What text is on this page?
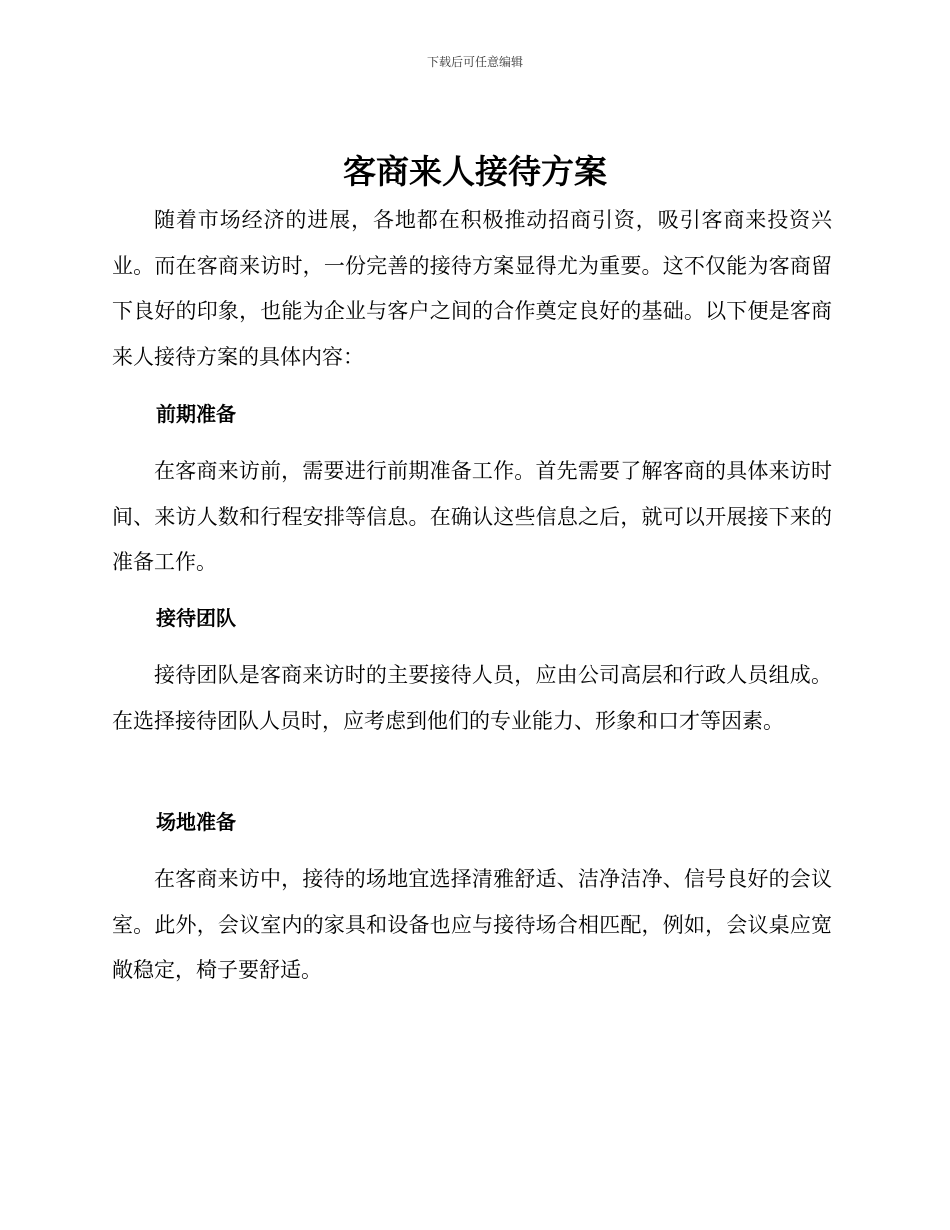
下载后可任意编辑
客商来人接待方案

随着市场经济的进展，各地都在积极推动招商引资，吸引客商来投资兴业。而在客商来访时，一份完善的接待方案显得尤为重要。这不仅能为客商留下良好的印象，也能为企业与客户之间的合作奠定良好的基础。以下便是客商来人接待方案的具体内容：

前期准备

在客商来访前，需要进行前期准备工作。首先需要了解客商的具体来访时间、来访人数和行程安排等信息。在确认这些信息之后，就可以开展接下来的准备工作。

接待团队

接待团队是客商来访时的主要接待人员，应由公司高层和行政人员组成。在选择接待团队人员时，应考虑到他们的专业能力、形象和口才等因素。

场地准备

在客商来访中，接待的场地宜选择清雅舒适、洁净洁净、信号良好的会议室。此外，会议室内的家具和设备也应与接待场合相匹配，例如，会议桌应宽敞稳定，椅子要舒适。
